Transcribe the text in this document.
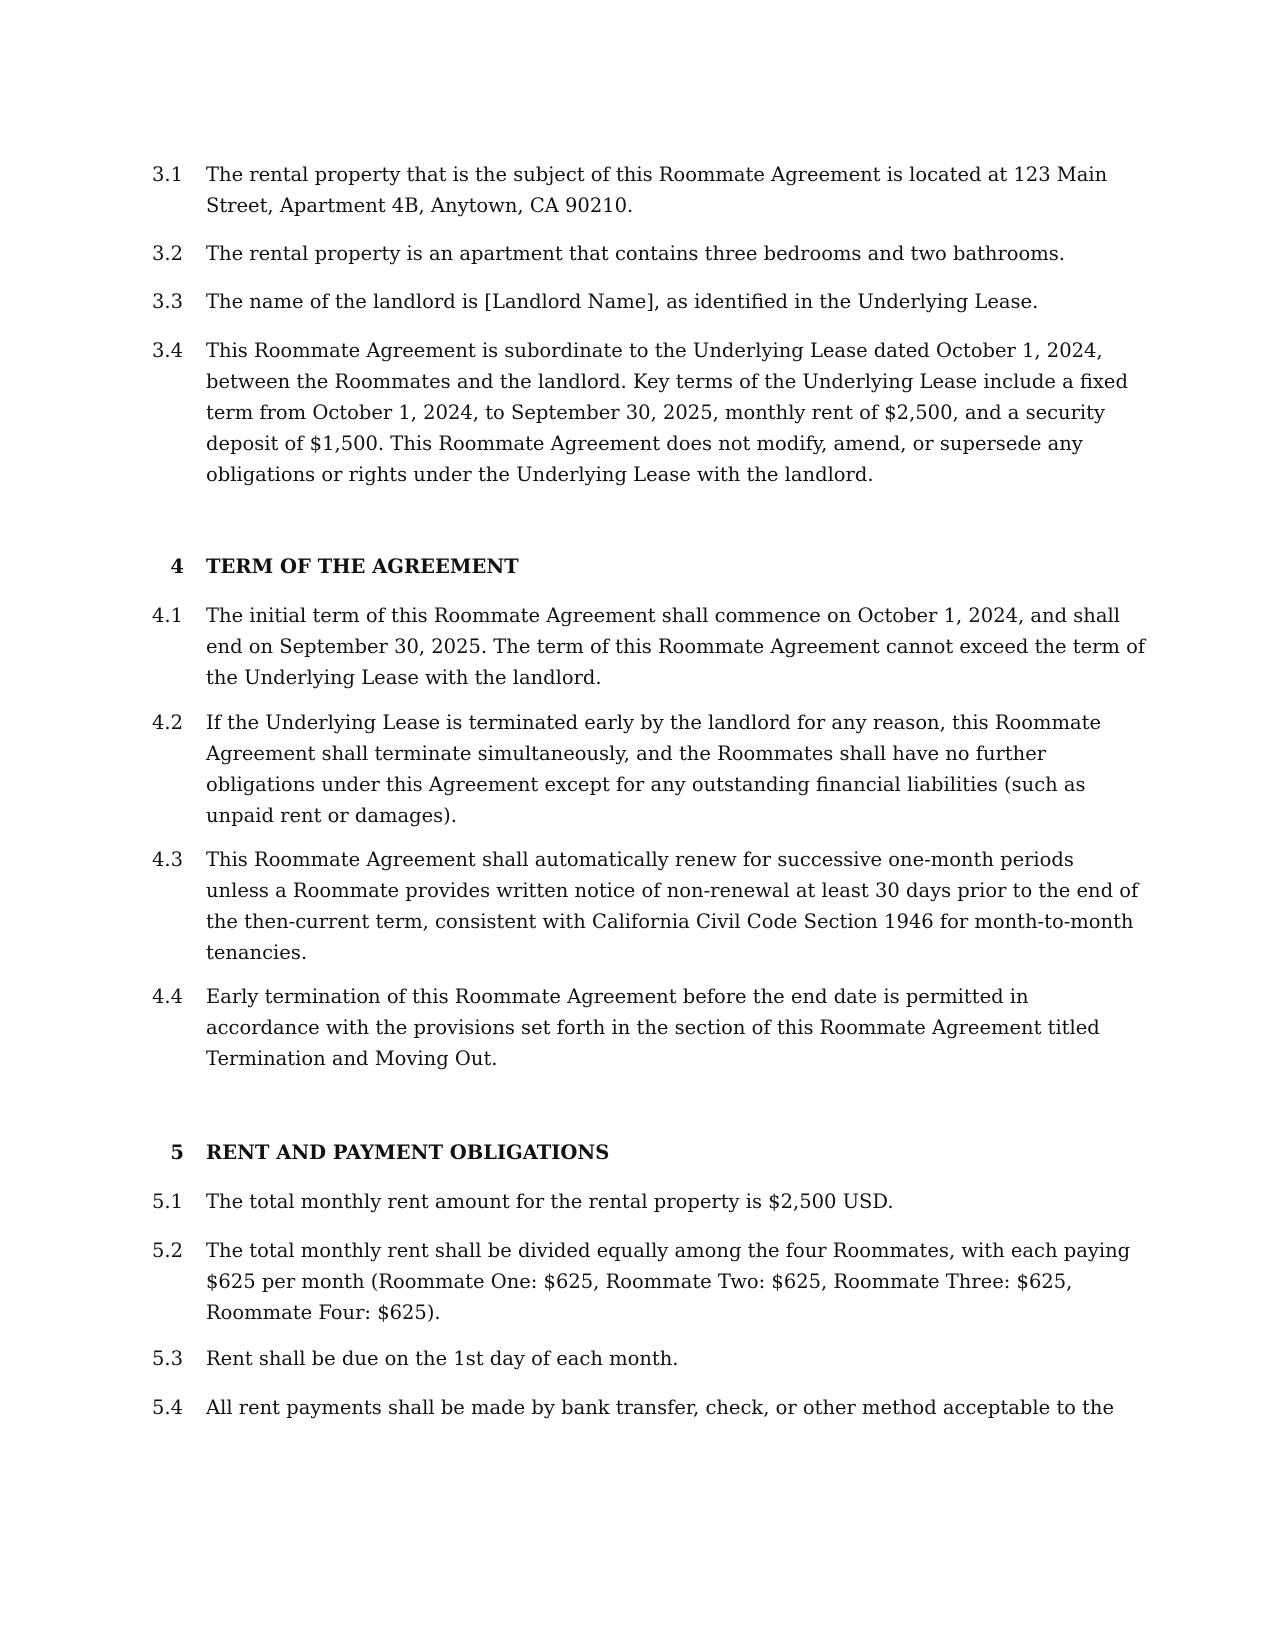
3.1	The rental property that is the subject of this Roommate Agreement is located at 123 Main
Street, Apartment 4B, Anytown, CA 90210.
3.2	The rental property is an apartment that contains three bedrooms and two bathrooms.
3.3	The name of the landlord is [Landlord Name], as identified in the Underlying Lease.
3.4	This Roommate Agreement is subordinate to the Underlying Lease dated October 1, 2024,
between the Roommates and the landlord. Key terms of the Underlying Lease include a fixed
term from October 1, 2024, to September 30, 2025, monthly rent of $2,500, and a security
deposit of $1,500. This Roommate Agreement does not modify, amend, or supersede any
obligations or rights under the Underlying Lease with the landlord.
4	TERM OF THE AGREEMENT
4.1	The initial term of this Roommate Agreement shall commence on October 1, 2024, and shall
end on September 30, 2025. The term of this Roommate Agreement cannot exceed the term of
the Underlying Lease with the landlord.
4.2	If the Underlying Lease is terminated early by the landlord for any reason, this Roommate
Agreement shall terminate simultaneously, and the Roommates shall have no further
obligations under this Agreement except for any outstanding financial liabilities (such as
unpaid rent or damages).
4.3	This Roommate Agreement shall automatically renew for successive one-month periods
unless a Roommate provides written notice of non-renewal at least 30 days prior to the end of
the then-current term, consistent with California Civil Code Section 1946 for month-to-month
tenancies.
4.4	Early termination of this Roommate Agreement before the end date is permitted in
accordance with the provisions set forth in the section of this Roommate Agreement titled
Termination and Moving Out.
5	RENT AND PAYMENT OBLIGATIONS
5.1	The total monthly rent amount for the rental property is $2,500 USD.
5.2	The total monthly rent shall be divided equally among the four Roommates, with each paying
$625 per month (Roommate One: $625, Roommate Two: $625, Roommate Three: $625,
Roommate Four: $625).
5.3	Rent shall be due on the 1st day of each month.
5.4	All rent payments shall be made by bank transfer, check, or other method acceptable to the
